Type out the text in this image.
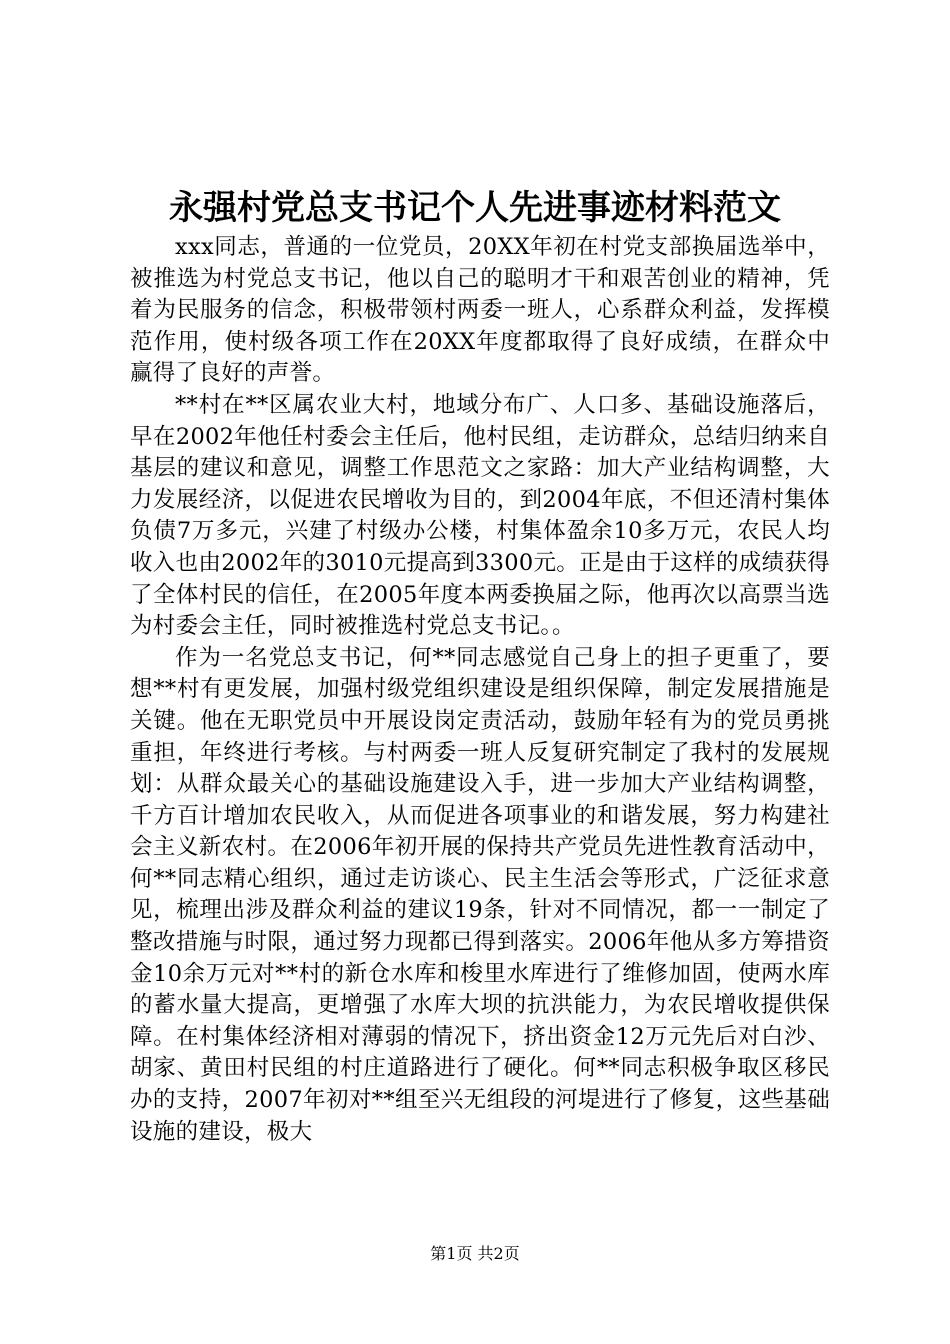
永强村党总支书记个人先进事迹材料范文

xxx同志，普通的一位党员，20XX年初在村党支部换届选举中，被推选为村党总支书记，他以自己的聪明才干和艰苦创业的精神，凭着为民服务的信念，积极带领村两委一班人，心系群众利益，发挥模范作用，使村级各项工作在20XX年度都取得了良好成绩，在群众中赢得了良好的声誉。

**村在**区属农业大村，地域分布广、人口多、基础设施落后，早在2002年他任村委会主任后，他村民组，走访群众，总结归纳来自基层的建议和意见，调整工作思范文之家路：加大产业结构调整，大力发展经济，以促进农民增收为目的，到2004年底，不但还清村集体负债7万多元，兴建了村级办公楼，村集体盈余10多万元，农民人均收入也由2002年的3010元提高到3300元。正是由于这样的成绩获得了全体村民的信任，在2005年度本两委换届之际，他再次以高票当选为村委会主任，同时被推选村党总支书记。。

作为一名党总支书记，何**同志感觉自己身上的担子更重了，要想**村有更发展，加强村级党组织建设是组织保障，制定发展措施是关键。他在无职党员中开展设岗定责活动，鼓励年轻有为的党员勇挑重担，年终进行考核。与村两委一班人反复研究制定了我村的发展规划：从群众最关心的基础设施建设入手，进一步加大产业结构调整，千方百计增加农民收入，从而促进各项事业的和谐发展，努力构建社会主义新农村。在2006年初开展的保持共产党员先进性教育活动中，何**同志精心组织，通过走访谈心、民主生活会等形式，广泛征求意见，梳理出涉及群众利益的建议19条，针对不同情况，都一一制定了整改措施与时限，通过努力现都已得到落实。2006年他从多方筹措资金10余万元对**村的新仓水库和梭里水库进行了维修加固，使两水库的蓄水量大提高，更增强了水库大坝的抗洪能力，为农民增收提供保障。在村集体经济相对薄弱的情况下，挤出资金12万元先后对白沙、胡家、黄田村民组的村庄道路进行了硬化。何**同志积极争取区移民办的支持，2007年初对**组至兴无组段的河堤进行了修复，这些基础设施的建设，极大

第1页 共2页
